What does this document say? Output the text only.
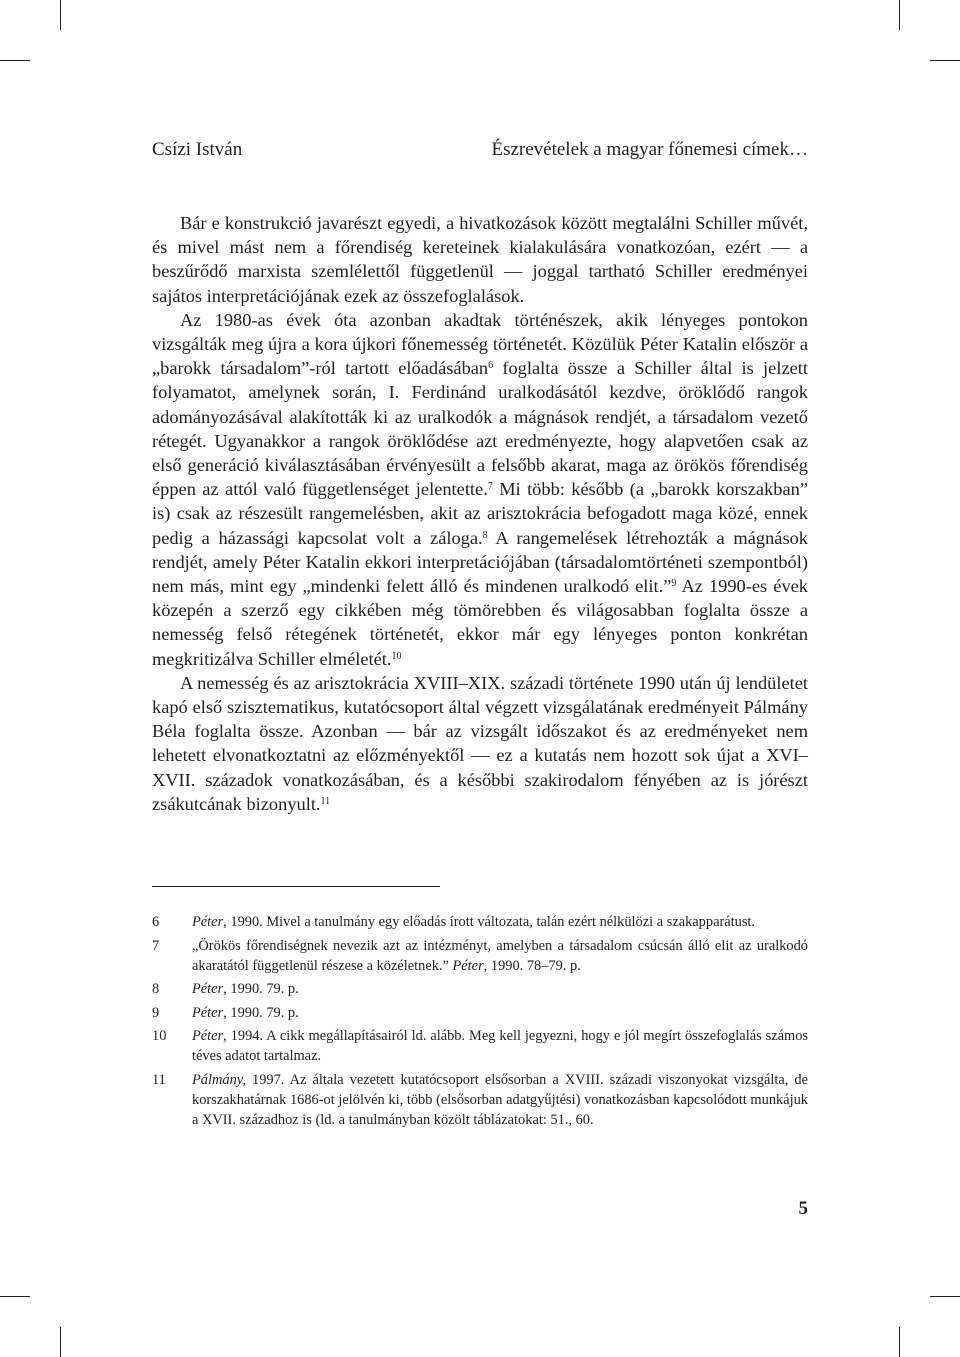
Csízi István	Észrevételek a magyar főnemesi címek…

Bár e konstrukció javarészt egyedi, a hivatkozások között megtalálni Schiller művét, és mivel mást nem a főrendiség kereteinek kialakulására vonatkozóan, ezért — a beszűrődő marxista szemlélettől függetlenül — joggal tartható Schiller eredményei sajátos interpretációjának ezek az összefoglalások.

Az 1980-as évek óta azonban akadtak történészek, akik lényeges pontokon vizsgálták meg újra a kora újkori főnemesség történetét. Közülük Péter Katalin először a „barokk társadalom”-ról tartott előadásában$^6$ foglalta össze a Schiller által is jelzett folyamatot, amelynek során, I. Ferdinánd uralkodásától kezdve, öröklődő rangok adományozásával alakították ki az uralkodók a mágnások rendjét, a társadalom vezető rétegét. Ugyanakkor a rangok öröklődése azt eredményezte, hogy alapvetően csak az első generáció kiválasztásában érvényesült a felsőbb akarat, maga az örökös főrendiség éppen az attól való függetlenséget jelentette.$^7$ Mi több: később (a „barokk korszakban” is) csak az részesült rangemelésben, akit az arisztokrácia befogadott maga közé, ennek pedig a házassági kapcsolat volt a záloga.$^8$ A rangemelések létrehozták a mágnások rendjét, amely Péter Katalin ekkori interpretációjában (társadalomtörténeti szempontból) nem más, mint egy „mindenki felett álló és mindenen uralkodó elit.”$^9$ Az 1990-es évek közepén a szerző egy cikkében még tömörebben és világosabban foglalta össze a nemesség felső rétegének történetét, ekkor már egy lényeges ponton konkrétan megkritizálva Schiller elméletét.$^{10}$

A nemesség és az arisztokrácia XVIII–XIX. századi története 1990 után új lendületet kapó első szisztematikus, kutatócsoport által végzett vizsgálatának eredményeit Pálmány Béla foglalta össze. Azonban — bár az vizsgált időszakot és az eredményeket nem lehetett elvonatkoztatni az előzményektől — ez a kutatás nem hozott sok újat a XVI–XVII. századok vonatkozásában, és a későbbi szakirodalom fényében az is jórészt zsákutcának bizonyult.$^{11}$

6	Péter, 1990. Mivel a tanulmány egy előadás írott változata, talán ezért nélkülözi a szakapparátust.
7	„Örökös főrendiségnek nevezik azt az intézményt, amelyben a társadalom csúcsán álló elit az uralkodó akaratától függetlenül részese a közéletnek.” Péter, 1990. 78–79. p.
8	Péter, 1990. 79. p.
9	Péter, 1990. 79. p.
10	Péter, 1994. A cikk megállapításairól ld. alább. Meg kell jegyezni, hogy e jól megírt összefoglalás számos téves adatot tartalmaz.
11	Pálmány, 1997. Az általa vezetett kutatócsoport elsősorban a XVIII. századi viszonyokat vizsgálta, de korszakhatárnak 1686-ot jelölvén ki, több (elsősorban adatgyűjtési) vonatkozásban kapcsolódott munkájuk a XVII. századhoz is (ld. a tanulmányban közölt táblázatokat: 51., 60.
5
